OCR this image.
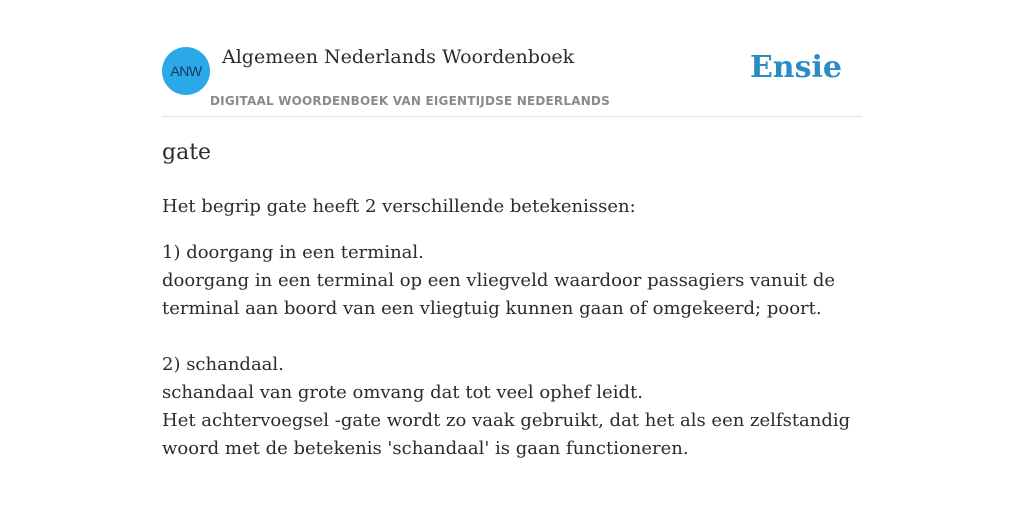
ANW
Algemeen Nederlands Woordenboek
DIGITAAL WOORDENBOEK VAN EIGENTIJDSE NEDERLANDS
Ensie
gate

Het begrip gate heeft 2 verschillende betekenissen:

1) doorgang in een terminal.

doorgang in een terminal op een vliegveld waardoor passagiers vanuit de terminal aan boord van een vliegtuig kunnen gaan of omgekeerd; poort.

2) schandaal.

schandaal van grote omvang dat tot veel ophef leidt.

Het achtervoegsel -gate wordt zo vaak gebruikt, dat het als een zelfstandig woord met de betekenis 'schandaal' is gaan functioneren.
